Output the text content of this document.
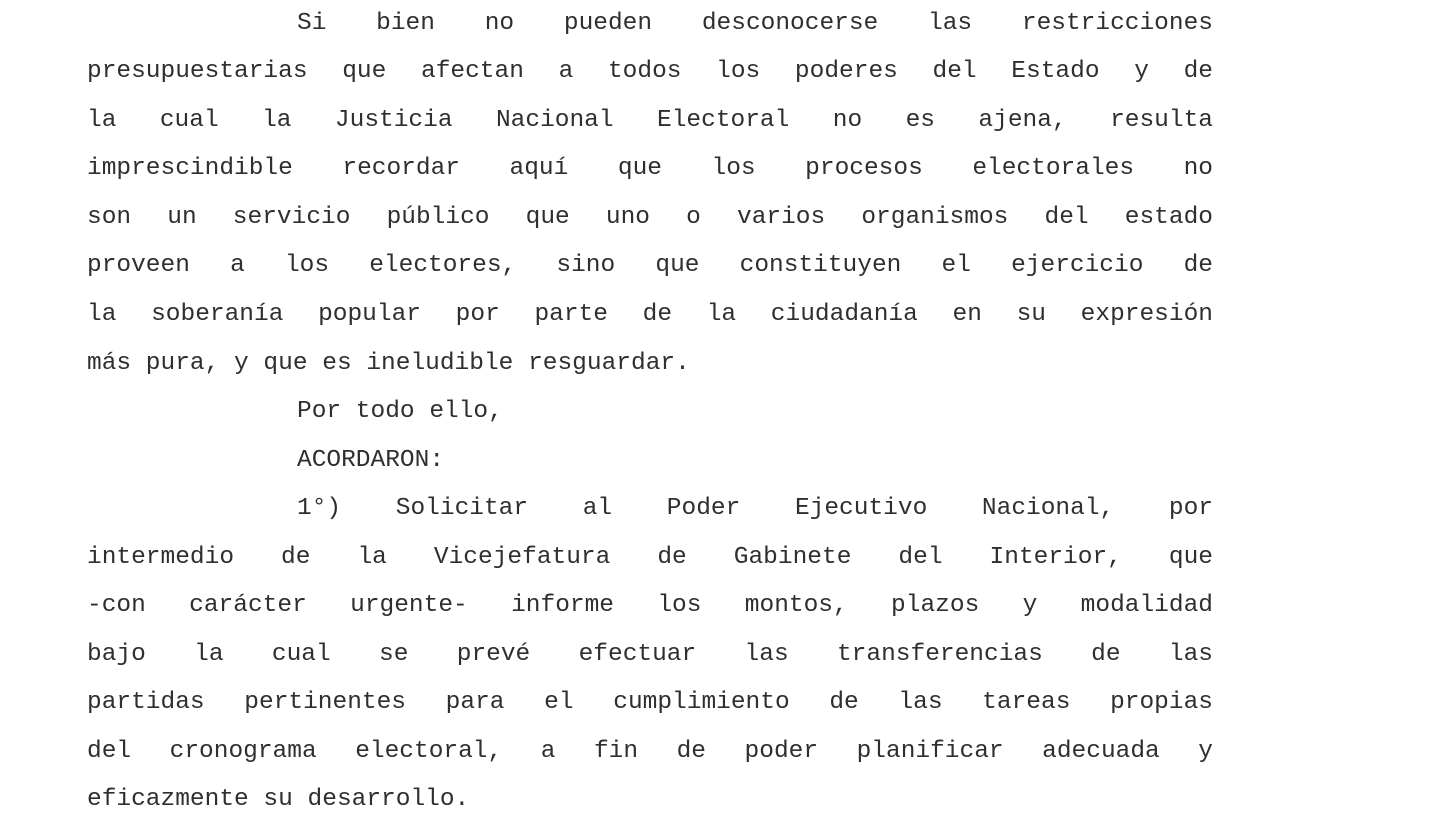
Si bien no pueden desconocerse las restricciones
presupuestarias que afectan a todos los poderes del Estado y de
la cual la Justicia Nacional Electoral no es ajena, resulta
imprescindible recordar aquí que los procesos electorales no
son un servicio público que uno o varios organismos del estado
proveen a los electores, sino que constituyen el ejercicio de
la soberanía popular por parte de la ciudadanía en su expresión
más pura, y que es ineludible resguardar.
Por todo ello,
ACORDARON:
1°) Solicitar al Poder Ejecutivo Nacional, por
intermedio de la Vicejefatura de Gabinete del Interior, que
-con carácter urgente- informe los montos, plazos y modalidad
bajo la cual se prevé efectuar las transferencias de las
partidas pertinentes para el cumplimiento de las tareas propias
del cronograma electoral, a fin de poder planificar adecuada y
eficazmente su desarrollo.
